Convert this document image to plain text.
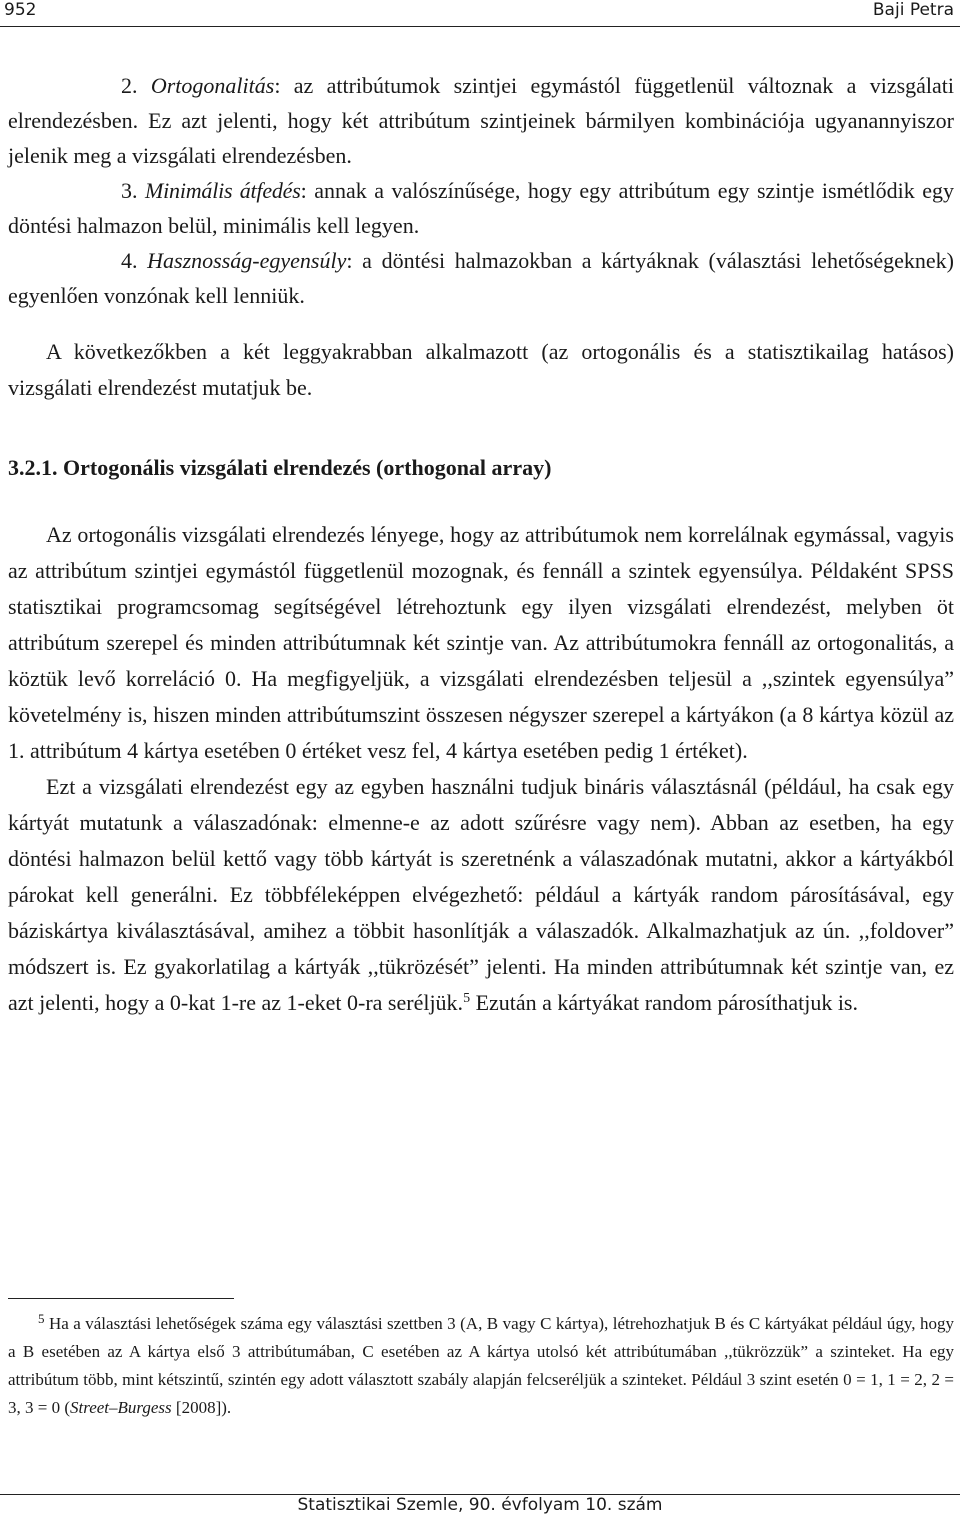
952	Baji Petra

2. Ortogonalitás: az attribútumok szintjei egymástól függetlenül változnak a vizsgálati elrendezésben. Ez azt jelenti, hogy két attribútum szintjeinek bármilyen kombinációja ugyanannyiszor jelenik meg a vizsgálati elrendezésben.

3. Minimális átfedés: annak a valószínűsége, hogy egy attribútum egy szintje ismétlődik egy döntési halmazon belül, minimális kell legyen.

4. Hasznosság-egyensúly: a döntési halmazokban a kártyáknak (választási lehetőségeknek) egyenlően vonzónak kell lenniük.

A következőkben a két leggyakrabban alkalmazott (az ortogonális és a statisztikailag hatásos) vizsgálati elrendezést mutatjuk be.

3.2.1. Ortogonális vizsgálati elrendezés (orthogonal array)

Az ortogonális vizsgálati elrendezés lényege, hogy az attribútumok nem korrelálnak egymással, vagyis az attribútum szintjei egymástól függetlenül mozognak, és fennáll a szintek egyensúlya. Példaként SPSS statisztikai programcsomag segítségével létrehoztunk egy ilyen vizsgálati elrendezést, melyben öt attribútum szerepel és minden attribútumnak két szintje van. Az attribútumokra fennáll az ortogonalitás, a köztük levő korreláció 0. Ha megfigyeljük, a vizsgálati elrendezésben teljesül a ,,szintek egyensúlya” követelmény is, hiszen minden attribútumszint összesen négyszer szerepel a kártyákon (a 8 kártya közül az 1. attribútum 4 kártya esetében 0 értéket vesz fel, 4 kártya esetében pedig 1 értéket).

Ezt a vizsgálati elrendezést egy az egyben használni tudjuk bináris választásnál (például, ha csak egy kártyát mutatunk a válaszadónak: elmenne-e az adott szűrésre vagy nem). Abban az esetben, ha egy döntési halmazon belül kettő vagy több kártyát is szeretnénk a válaszadónak mutatni, akkor a kártyákból párokat kell generálni. Ez többféleképpen elvégezhető: például a kártyák random párosításával, egy báziskártya kiválasztásával, amihez a többit hasonlítják a válaszadók. Alkalmazhatjuk az ún. ,,foldover” módszert is. Ez gyakorlatilag a kártyák ,,tükrözését” jelenti. Ha minden attribútumnak két szintje van, ez azt jelenti, hogy a 0-kat 1-re az 1-eket 0-ra seréljük.$^5$ Ezután a kártyákat random párosíthatjuk is.

$^5$ Ha a választási lehetőségek száma egy választási szettben 3 (A, B vagy C kártya), létrehozhatjuk B és C kártyákat például úgy, hogy a B esetében az A kártya első 3 attribútumában, C esetében az A kártya utolsó két attribútumában ,,tükrözzük” a szinteket. Ha egy attribútum több, mint kétszintű, szintén egy adott választott szabály alapján felcseréljük a szinteket. Például 3 szint esetén 0 = 1, 1 = 2, 2 = 3, 3 = 0 (Street–Burgess [2008]).

Statisztikai Szemle, 90. évfolyam 10. szám
